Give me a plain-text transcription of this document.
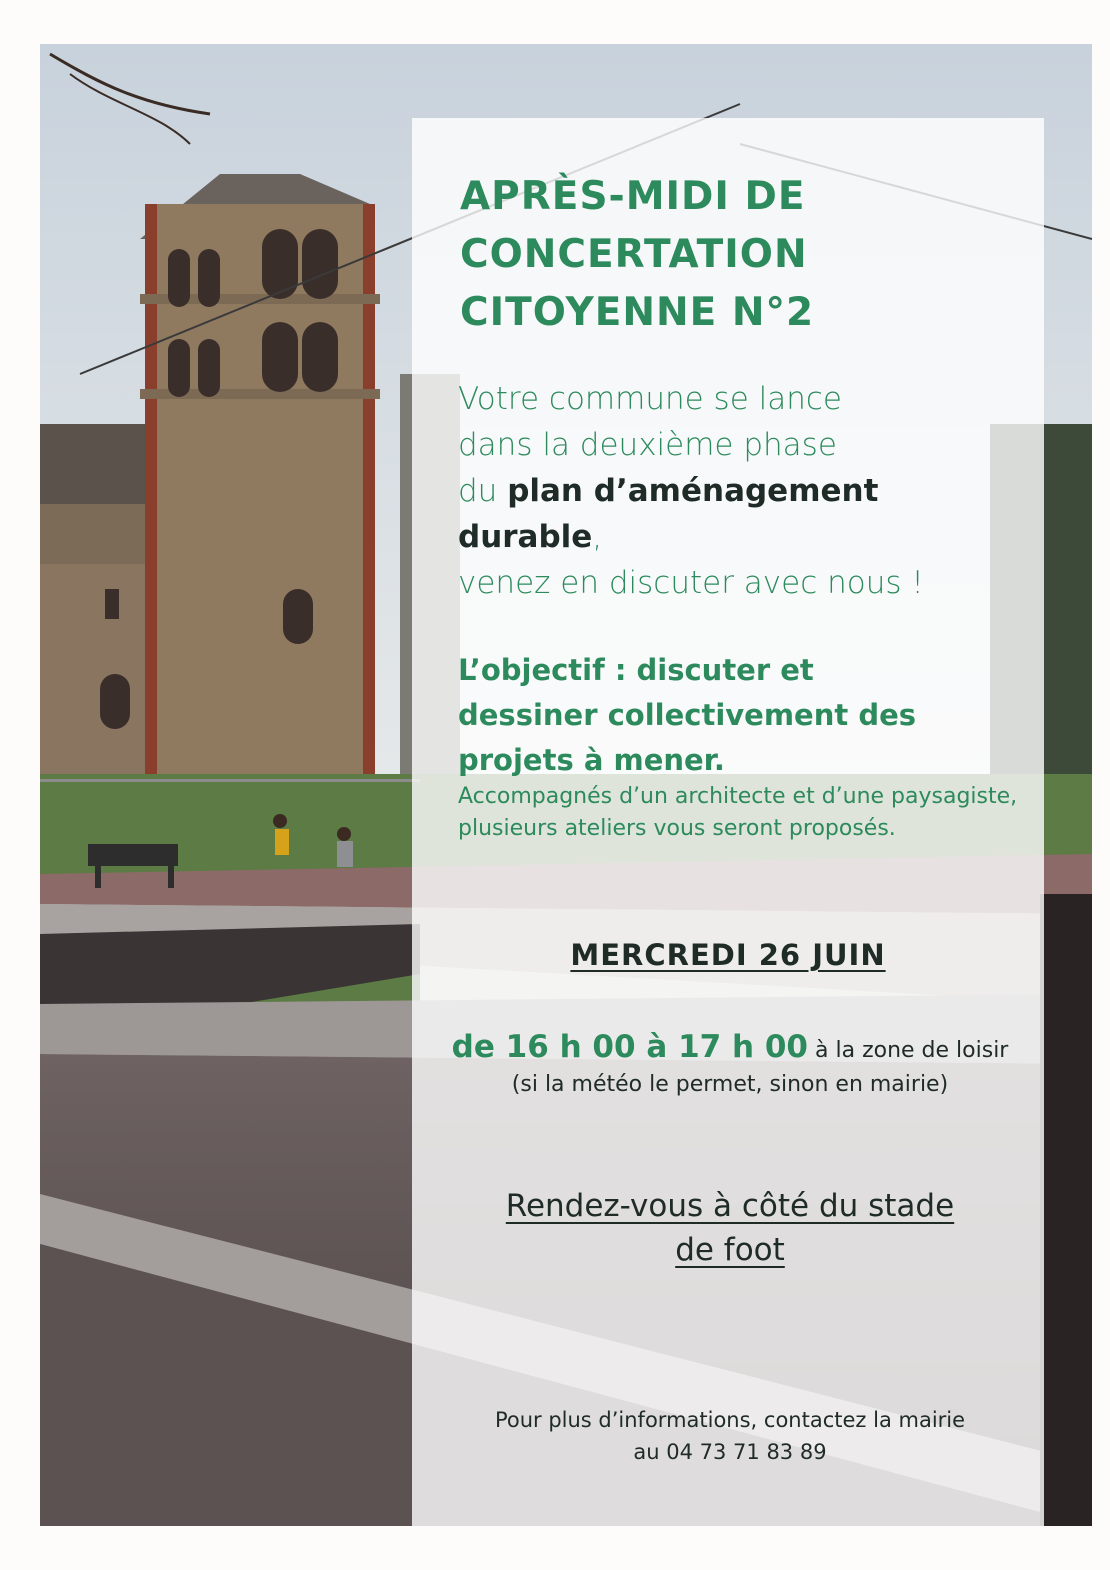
APRÈS-MIDI DE
CONCERTATION
CITOYENNE N°2
Votre commune se lance
dans la deuxième phase
du plan d’aménagement
durable,
venez en discuter avec nous !
L’objectif : discuter et
dessiner collectivement des
projets à mener.
Accompagnés d’un architecte et d’une paysagiste, plusieurs ateliers vous seront proposés.
MERCREDI 26 JUIN
de 16 h 00 à 17 h 00 à la zone de loisir (si la météo le permet, sinon en mairie)
Rendez-vous à côté du stade
de foot
Pour plus d’informations, contactez la mairie
au 04 73 71 83 89
